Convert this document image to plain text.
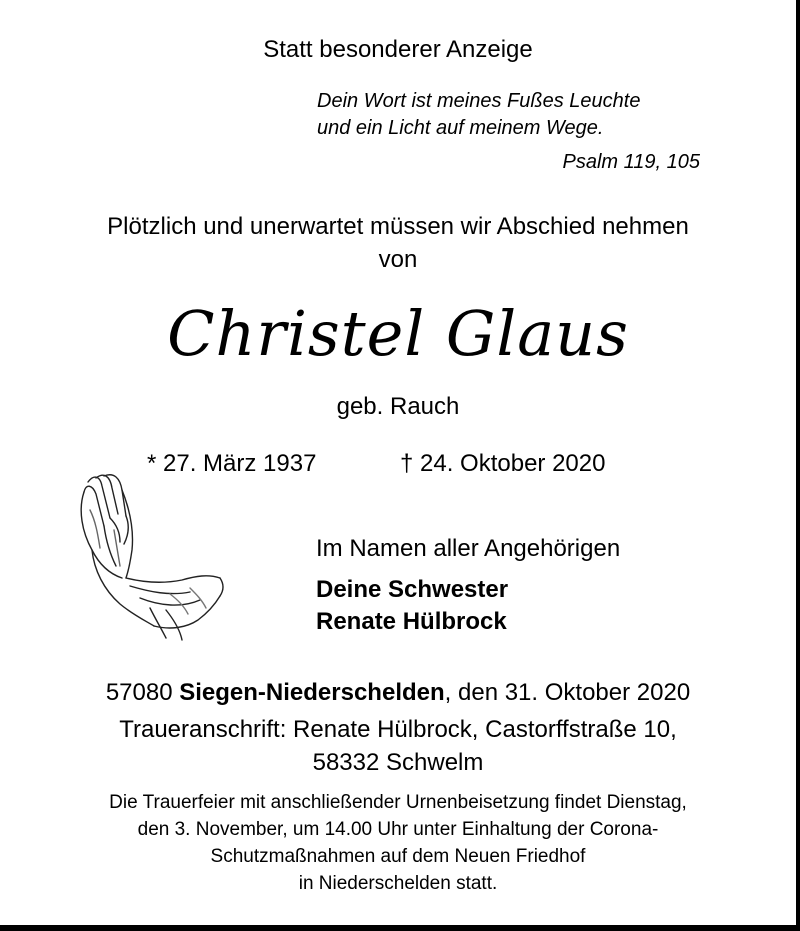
Statt besonderer Anzeige
Dein Wort ist meines Fußes Leuchte
und ein Licht auf meinem Wege.
Psalm 119, 105
Plötzlich und unerwartet müssen wir Abschied nehmen
von
Christel Glaus
geb. Rauch
* 27. März 1937	† 24. Oktober 2020
Im Namen aller Angehörigen
Deine Schwester
Renate Hülbrock
57080 Siegen-Niederschelden, den 31. Oktober 2020
Traueranschrift: Renate Hülbrock, Castorffstraße 10,
58332 Schwelm
Die Trauerfeier mit anschließender Urnenbeisetzung findet Dienstag,
den 3. November, um 14.00 Uhr unter Einhaltung der Corona-
Schutzmaßnahmen auf dem Neuen Friedhof
in Niederschelden statt.
